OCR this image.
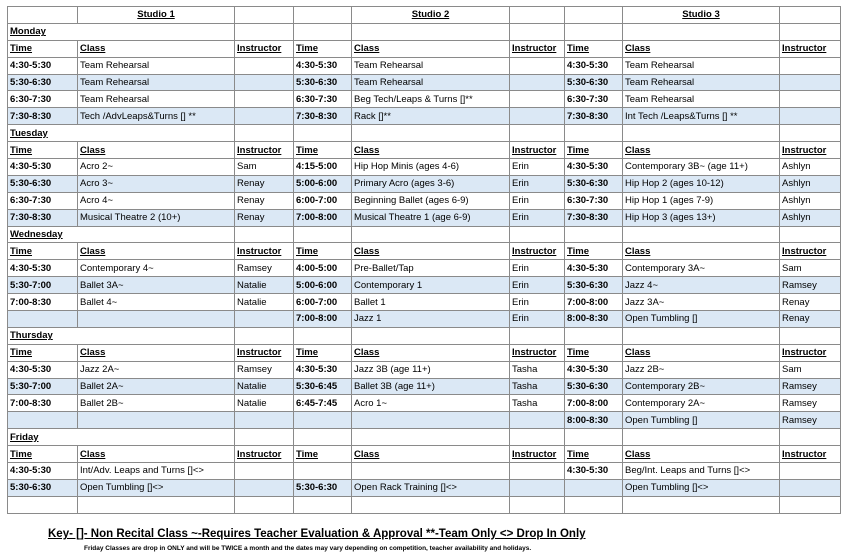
	Studio 1			Studio 2			Studio 3	
Monday								
Time	Class	Instructor	Time	Class	Instructor	Time	Class	Instructor
4:30-5:30	Team Rehearsal		4:30-5:30	Team Rehearsal		4:30-5:30	Team Rehearsal	
5:30-6:30	Team Rehearsal		5:30-6:30	Team Rehearsal		5:30-6:30	Team Rehearsal	
6:30-7:30	Team Rehearsal		6:30-7:30	Beg Tech/Leaps & Turns []**		6:30-7:30	Team Rehearsal	
7:30-8:30	Tech /AdvLeaps&Turns [] **		7:30-8:30	Rack []**		7:30-8:30	Int Tech /Leaps&Turns [] **	
Tuesday								
Time	Class	Instructor	Time	Class	Instructor	Time	Class	Instructor
4:30-5:30	Acro 2~	Sam	4:15-5:00	Hip Hop Minis (ages 4-6)	Erin	4:30-5:30	Contemporary 3B~ (age 11+)	Ashlyn
5:30-6:30	Acro 3~	Renay	5:00-6:00	Primary Acro (ages 3-6)	Erin	5:30-6:30	Hip Hop 2 (ages 10-12)	Ashlyn
6:30-7:30	Acro 4~	Renay	6:00-7:00	Beginning Ballet (ages 6-9)	Erin	6:30-7:30	Hip Hop 1 (ages 7-9)	Ashlyn
7:30-8:30	Musical Theatre 2 (10+)	Renay	7:00-8:00	Musical Theatre 1 (age 6-9)	Erin	7:30-8:30	Hip Hop 3 (ages 13+)	Ashlyn
Wednesday								
Time	Class	Instructor	Time	Class	Instructor	Time	Class	Instructor
4:30-5:30	Contemporary 4~	Ramsey	4:00-5:00	Pre-Ballet/Tap	Erin	4:30-5:30	Contemporary 3A~	Sam
5:30-7:00	Ballet 3A~	Natalie	5:00-6:00	Contemporary 1	Erin	5:30-6:30	Jazz 4~	Ramsey
7:00-8:30	Ballet 4~	Natalie	6:00-7:00	Ballet 1	Erin	7:00-8:00	Jazz 3A~	Renay
			7:00-8:00	Jazz 1	Erin	8:00-8:30	Open Tumbling []	Renay
Thursday								
Time	Class	Instructor	Time	Class	Instructor	Time	Class	Instructor
4:30-5:30	Jazz 2A~	Ramsey	4:30-5:30	Jazz 3B (age 11+)	Tasha	4:30-5:30	Jazz 2B~	Sam
5:30-7:00	Ballet 2A~	Natalie	5:30-6:45	Ballet 3B (age 11+)	Tasha	5:30-6:30	Contemporary 2B~	Ramsey
7:00-8:30	Ballet 2B~	Natalie	6:45-7:45	Acro 1~	Tasha	7:00-8:00	Contemporary 2A~	Ramsey
						8:00-8:30	Open Tumbling []	Ramsey
Friday								
Time	Class	Instructor	Time	Class	Instructor	Time	Class	Instructor
4:30-5:30	Int/Adv. Leaps and Turns []<>					4:30-5:30	Beg/Int. Leaps and Turns []<>	
5:30-6:30	Open Tumbling []<>		5:30-6:30	Open Rack Training []<>			Open Tumbling []<>	

Key- []- Non Recital Class ~-Requires Teacher Evaluation & Approval **-Team Only <> Drop In Only
Friday Classes are drop in ONLY and will be TWICE a month and the dates may vary depending on competition, teacher availability and holidays.
